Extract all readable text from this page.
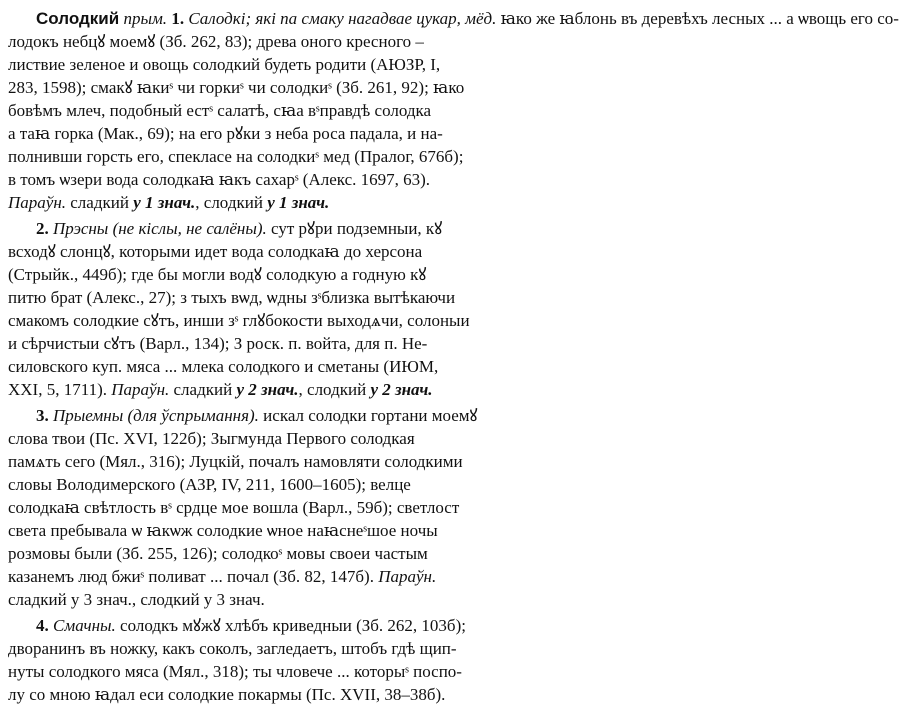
Солодкий прым. 1. Салодкі; які па смаку нагадвае цукар, мёд. ꙗко же ꙗблонь въ деревѣхъ лесных ... а ѡвощь его со-
лодокъ небцꙋ моемꙋ (Зб. 262, 83); древа оного кресного –
листвие зеленое и овощь солодкий будеть родити (АЮЗР, І,
283, 1598); смакꙋ ꙗкиˢ чи горкиˢ чи солодкиˢ (Зб. 261, 92); ꙗко
бовѣмъ млеч, подобный естˢ салатѣ, сꙗа вˢправдѣ солодка
а таꙗ горка (Мак., 69); на его рꙋки з неба роса падала, и на-
полнивши горсть его, спекласе на солодкиˢ мед (Пралог, 676б);
в томъ ѡзери вода солодкаꙗ ꙗкъ сахарˢ (Алекс. 1697, 63).
Параўн. сладкий у 1 знач., слодкий у 1 знач.
2. Прэсны (не кіслы, не салёны). сут рꙋри подземныи, кꙋ
всходꙋ слонцꙋ, которыми идет вода солодкаꙗ до херсона
(Стрыйк., 449б); где бы могли водꙋ солодкую а годную кꙋ
питю брат (Алекс., 27); з тыхъ вѡд, ѡдны зˢблизка вытѣкаючи
смакомъ солодкие сꙋтъ, инши зˢ глꙋбокости выходѧчи, солоныи
и сѣрчистыи сꙋтъ (Варл., 134); З роск. п. войта, для п. Не-
силовского куп. мяса ... млека солодкого и сметаны (ИЮМ,
XXI, 5, 1711). Параўн. сладкий у 2 знач., слодкий у 2 знач.
3. Прыемны (для ўспрымання). искал солодки гортани моемꙋ
слова твои (Пс. XVI, 122б); Зыгмунда Первого солодкая
памѧть сего (Мял., 316); Луцкій, почалъ намовляти солодкими
словы Володимерского (АЗР, IV, 211, 1600–1605); велце
солодкаꙗ свѣтлость вˢ срдце мое вошла (Варл., 59б); светлост
света пребывала ѡ ꙗкѡж солодкие ѡное наꙗснеˢшое ночы
розмовы были (Зб. 255, 126); солодкоˢ мовы своеи частым
казанемъ люд бжиˢ поливат ... почал (Зб. 82, 147б). Параўн.
сладкий у 3 знач., слодкий у 3 знач.
4. Смачны. солодкъ мꙋжꙋ хлѣбъ криведныи (Зб. 262, 103б);
дворанинъ въ ножку, какъ соколъ, загледаетъ, штобъ гдѣ щип-
нуты солодкого мяса (Мял., 318); ты чловече ... которыˢ поспо-
лу со мною ꙗдал еси солодкие покармы (Пс. XVII, 38–38б).
